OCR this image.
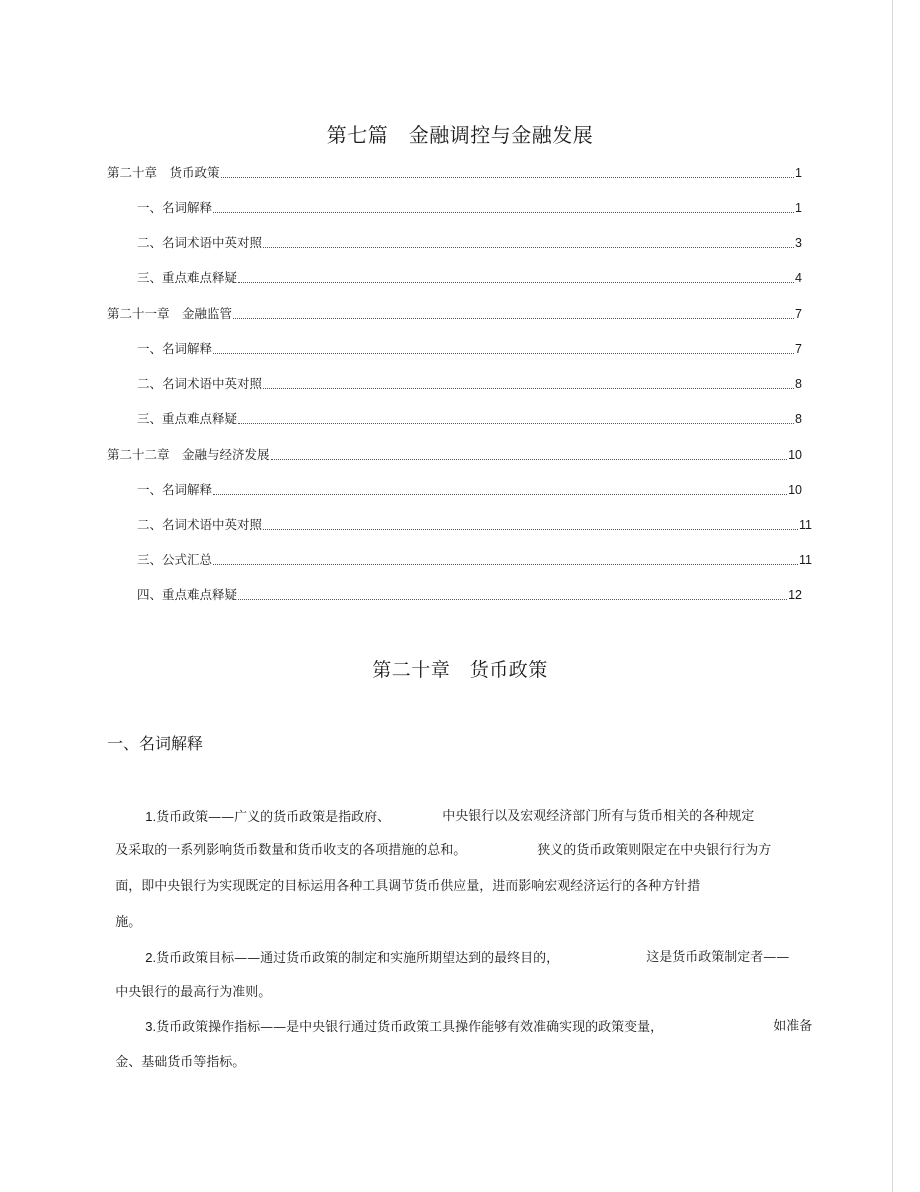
第七篇　金融调控与金融发展
第二十章　货币政策	1
一、名词解释	1
二、名词术语中英对照	3
三、重点难点释疑	4
第二十一章　金融监管	7
一、名词解释	7
二、名词术语中英对照	8
三、重点难点释疑	8
第二十二章　金融与经济发展	10
一、名词解释	10
二、名词术语中英对照	11
三、公式汇总	11
四、重点难点释疑	12
第二十章　货币政策
一、名词解释

1.货币政策——广义的货币政策是指政府、	中央银行以及宏观经济部门所有与货币相关的各种规定

及采取的一系列影响货币数量和货币收支的各项措施的总和。	狭义的货币政策则限定在中央银行行为方

面，即中央银行为实现既定的目标运用各种工具调节货币供应量，进而影响宏观经济运行的各种方针措

施。

2.货币政策目标——通过货币政策的制定和实施所期望达到的最终目的，	这是货币政策制定者——

中央银行的最高行为准则。

3.货币政策操作指标——是中央银行通过货币政策工具操作能够有效准确实现的政策变量，	如准备

金、基础货币等指标。
